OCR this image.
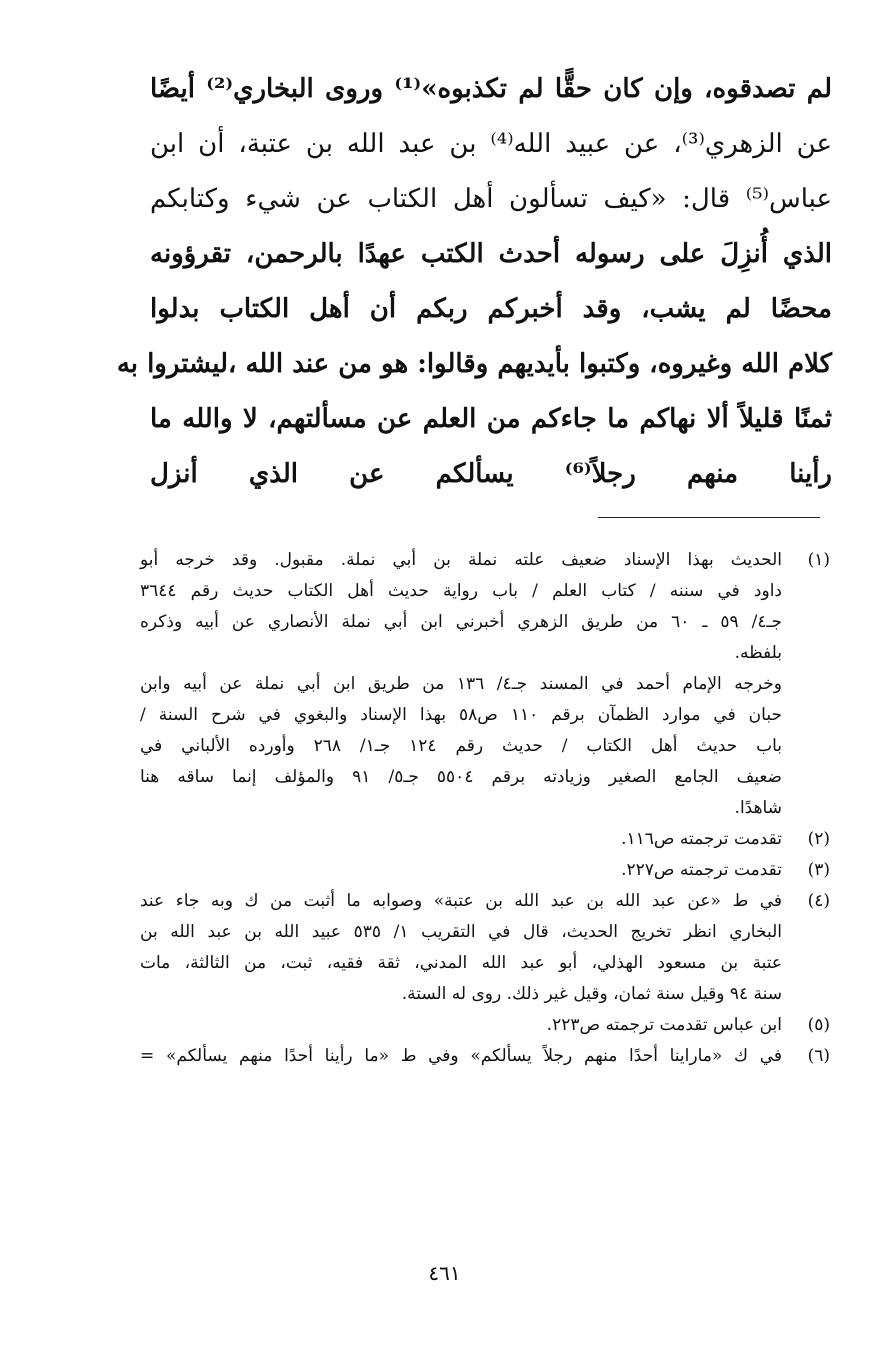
لم تصدقوه، وإن كان حقًّا لم تكذبوه»⁽¹⁾ وروى البخاري⁽²⁾ أيضًا
عن الزهري⁽³⁾، عن عبيد الله⁽⁴⁾ بن عبد الله بن عتبة، أن ابن
عباس⁽⁵⁾ قال: «كيف تسألون أهل الكتاب عن شيء وكتابكم
الذي أُنزِلَ على رسوله أحدث الكتب عهدًا بالرحمن، تقرؤونه
محضًا لم يشب، وقد أخبركم ربكم أن أهل الكتاب بدلوا
كلام الله وغيروه، وكتبوا بأيديهم وقالوا: هو من عند الله ،ليشتروا به
ثمنًا قليلاً ألا نهاكم ما جاءكم من العلم عن مسألتهم، لا والله ما
رأينا منهم رجلاً⁽⁶⁾ يسألكم عن الذي أنزل
(١)
الحديث بهذا الإسناد ضعيف علته نملة بن أبي نملة. مقبول. وقد خرجه أبو
داود في سننه / كتاب العلم / باب رواية حديث أهل الكتاب حديث رقم ٣٦٤٤
جـ٤/ ٥٩ ـ ٦٠ من طريق الزهري أخبرني ابن أبي نملة الأنصاري عن أبيه وذكره
بلفظه.
وخرجه الإمام أحمد في المسند جـ٤/ ١٣٦ من طريق ابن أبي نملة عن أبيه وابن
حبان في موارد الظمآن برقم ١١٠ ص٥٨ بهذا الإسناد والبغوي في شرح السنة /
باب حديث أهل الكتاب / حديث رقم ١٢٤ جـ١/ ٢٦٨ وأورده الألباني في
ضعيف الجامع الصغير وزيادته برقم ٥٥٠٤ جـ٥/ ٩١ والمؤلف إنما ساقه هنا
شاهدًا.
(٢)
تقدمت ترجمته ص١١٦.
(٣)
تقدمت ترجمته ص٢٢٧.
(٤)
في ط «عن عبد الله بن عبد الله بن عتبة» وصوابه ما أثبت من ك وبه جاء عند
البخاري انظر تخريج الحديث، قال في التقريب ١/ ٥٣٥ عبيد الله بن عبد الله بن
عتبة بن مسعود الهذلي، أبو عبد الله المدني، ثقة فقيه، ثبت، من الثالثة، مات
سنة ٩٤ وقيل سنة ثمان، وقيل غير ذلك. روى له الستة.
(٥)
ابن عباس تقدمت ترجمته ص٢٢٣.
(٦)
في ك «ماراينا أحدًا منهم رجلاً يسألكم» وفي ط «ما رأينا أحدًا منهم يسألكم» =
٤٦١
